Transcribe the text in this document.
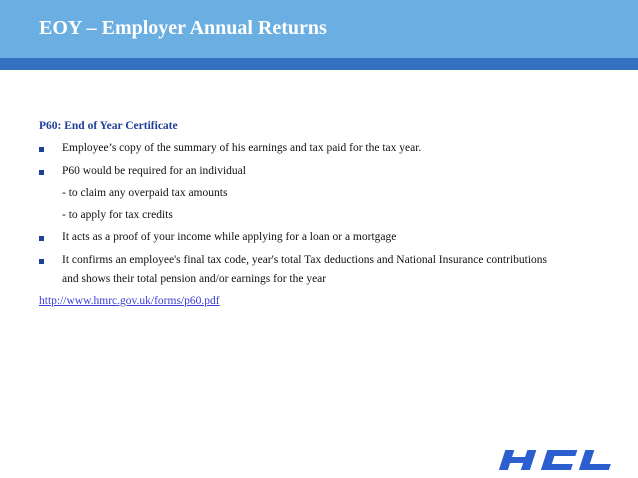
EOY – Employer Annual Returns
P60: End of Year Certificate
Employee’s copy of the summary of his earnings and tax paid for the tax year.
P60 would be required for an individual
- to claim any overpaid tax amounts
- to apply for tax credits
It acts as a proof of your income while applying for a loan or a mortgage
It confirms an employee's final tax code, year's total Tax deductions and National Insurance contributions
and shows their total pension and/or earnings for the year
http://www.hmrc.gov.uk/forms/p60.pdf
